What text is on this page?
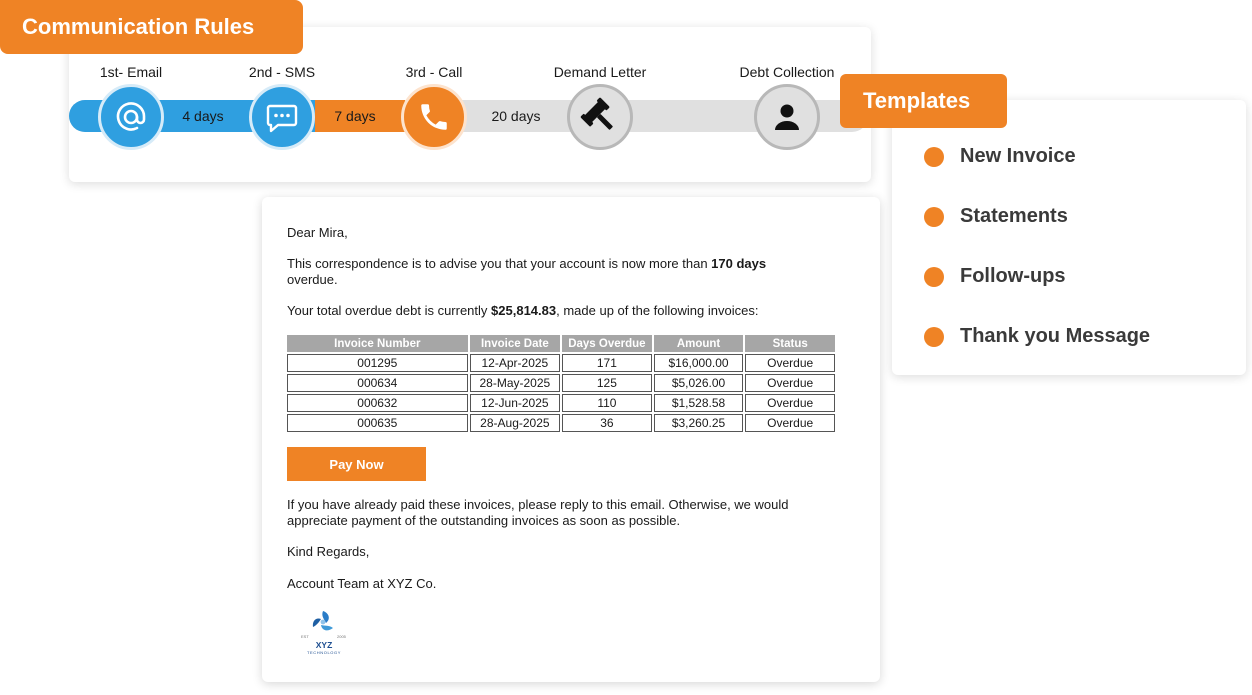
Communication Rules
4 days	7 days	20 days
1st- Email	2nd - SMS	3rd - Call	Demand Letter	Debt Collection
Templates
New Invoice
Statements
Follow-ups
Thank you Message
Dear Mira,
This correspondence is to advise you that your account is now more than 170 days
overdue.
Your total overdue debt is currently $25,814.83, made up of the following invoices:
Invoice Number	Invoice Date	Days Overdue	Amount	Status
001295	12-Apr-2025	171	$16,000.00	Overdue
000634	28-May-2025	125	$5,026.00	Overdue
000632	12-Jun-2025	110	$1,528.58	Overdue
000635	28-Aug-2025	36	$3,260.25	Overdue
Pay Now
If you have already paid these invoices, please reply to this email. Otherwise, we would
appreciate payment of the outstanding invoices as soon as possible.
Kind Regards,
Account Team at XYZ Co.
EST	2005
XYZ
TECHNOLOGY
